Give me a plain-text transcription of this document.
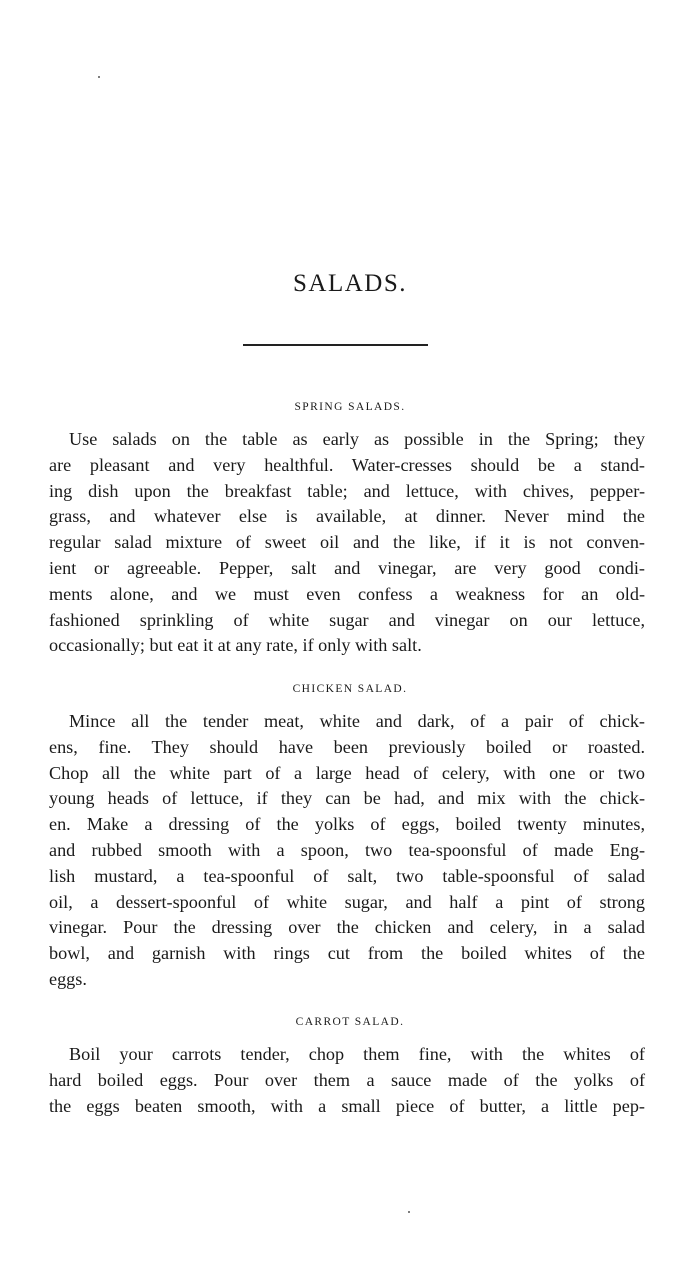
SALADS.
SPRING SALADS.

Use salads on the table as early as possible in the Spring; they
are pleasant and very healthful. Water-cresses should be a stand-
ing dish upon the breakfast table; and lettuce, with chives, pepper-
grass, and whatever else is available, at dinner. Never mind the
regular salad mixture of sweet oil and the like, if it is not conven-
ient or agreeable. Pepper, salt and vinegar, are very good condi-
ments alone, and we must even confess a weakness for an old-
fashioned sprinkling of white sugar and vinegar on our lettuce,
occasionally; but eat it at any rate, if only with salt.

CHICKEN SALAD.

Mince all the tender meat, white and dark, of a pair of chick-
ens, fine. They should have been previously boiled or roasted.
Chop all the white part of a large head of celery, with one or two
young heads of lettuce, if they can be had, and mix with the chick-
en. Make a dressing of the yolks of eggs, boiled twenty minutes,
and rubbed smooth with a spoon, two tea-spoonsful of made Eng-
lish mustard, a tea-spoonful of salt, two table-spoonsful of salad
oil, a dessert-spoonful of white sugar, and half a pint of strong
vinegar. Pour the dressing over the chicken and celery, in a salad
bowl, and garnish with rings cut from the boiled whites of the
eggs.

CARROT SALAD.

Boil your carrots tender, chop them fine, with the whites of
hard boiled eggs. Pour over them a sauce made of the yolks of
the eggs beaten smooth, with a small piece of butter, a little pep-
